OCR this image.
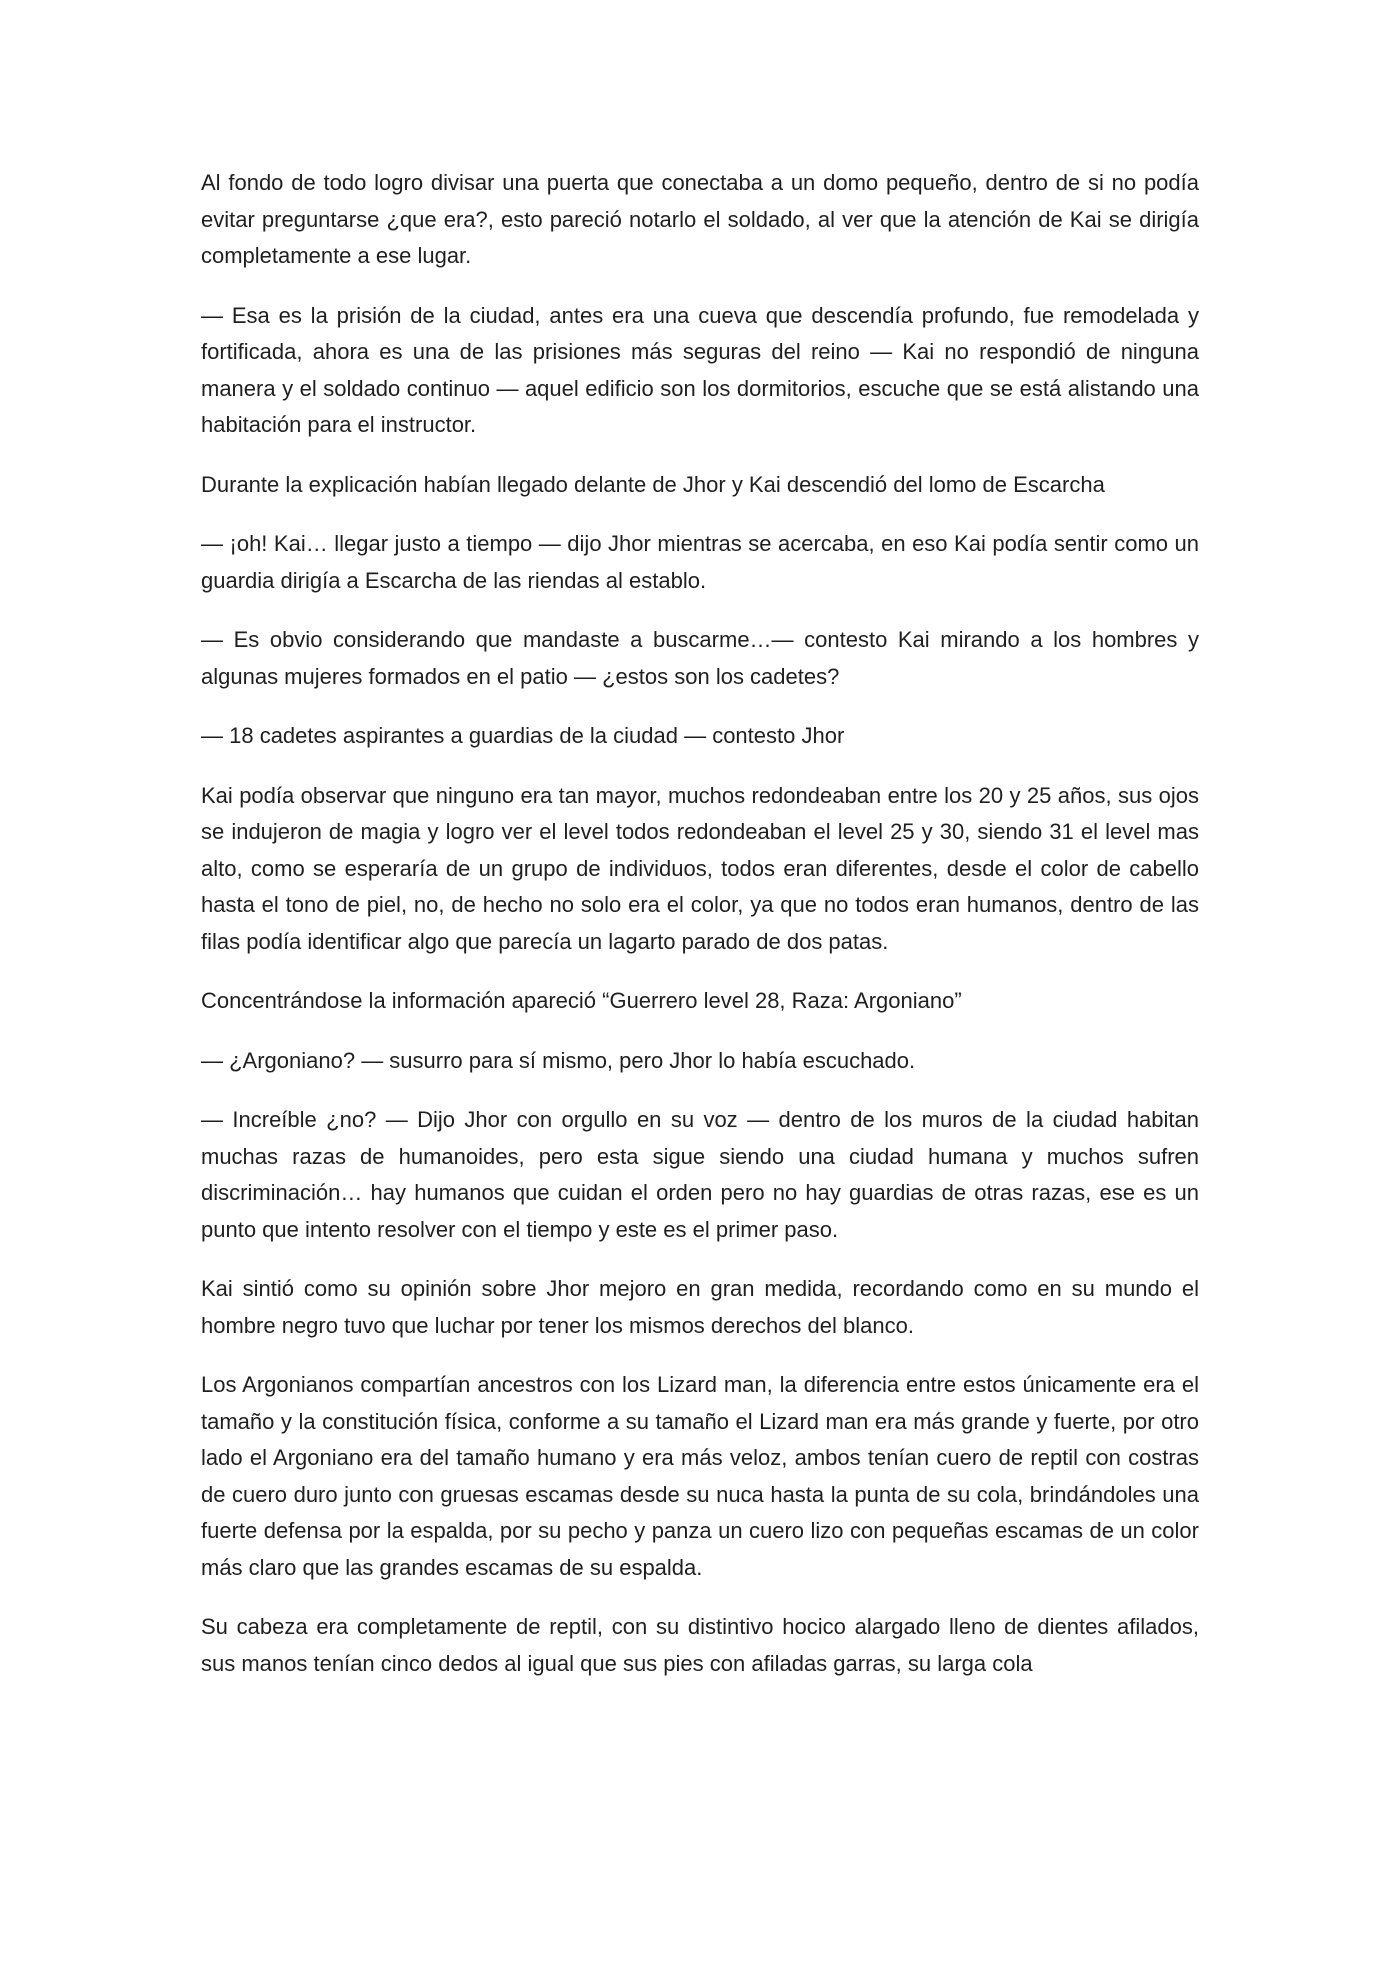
Al fondo de todo logro divisar una puerta que conectaba a un domo pequeño, dentro de si no podía evitar preguntarse ¿que era?, esto pareció notarlo el soldado, al ver que la atención de Kai se dirigía completamente a ese lugar.

— Esa es la prisión de la ciudad, antes era una cueva que descendía profundo, fue remodelada y fortificada, ahora es una de las prisiones más seguras del reino — Kai no respondió de ninguna manera y el soldado continuo — aquel edificio son los dormitorios, escuche que se está alistando una habitación para el instructor.

Durante la explicación habían llegado delante de Jhor y Kai descendió del lomo de Escarcha

— ¡oh! Kai… llegar justo a tiempo — dijo Jhor mientras se acercaba, en eso Kai podía sentir como un guardia dirigía a Escarcha de las riendas al establo.

— Es obvio considerando que mandaste a buscarme…— contesto Kai mirando a los hombres y algunas mujeres formados en el patio — ¿estos son los cadetes?

— 18 cadetes aspirantes a guardias de la ciudad — contesto Jhor

Kai podía observar que ninguno era tan mayor, muchos redondeaban entre los 20 y 25 años, sus ojos se indujeron de magia y logro ver el level todos redondeaban el level 25 y 30, siendo 31 el level mas alto, como se esperaría de un grupo de individuos, todos eran diferentes, desde el color de cabello hasta el tono de piel, no, de hecho no solo era el color, ya que no todos eran humanos, dentro de las filas podía identificar algo que parecía un lagarto parado de dos patas.

Concentrándose la información apareció “Guerrero level 28, Raza: Argoniano”

— ¿Argoniano? — susurro para sí mismo, pero Jhor lo había escuchado.

— Increíble ¿no? — Dijo Jhor con orgullo en su voz — dentro de los muros de la ciudad habitan muchas razas de humanoides, pero esta sigue siendo una ciudad humana y muchos sufren discriminación… hay humanos que cuidan el orden pero no hay guardias de otras razas, ese es un punto que intento resolver con el tiempo y este es el primer paso.

Kai sintió como su opinión sobre Jhor mejoro en gran medida, recordando como en su mundo el hombre negro tuvo que luchar por tener los mismos derechos del blanco.

Los Argonianos compartían ancestros con los Lizard man, la diferencia entre estos únicamente era el tamaño y la constitución física, conforme a su tamaño el Lizard man era más grande y fuerte, por otro lado el Argoniano era del tamaño humano y era más veloz, ambos tenían cuero de reptil con costras de cuero duro junto con gruesas escamas desde su nuca hasta la punta de su cola, brindándoles una fuerte defensa por la espalda, por su pecho y panza un cuero lizo con pequeñas escamas de un color más claro que las grandes escamas de su espalda.

Su cabeza era completamente de reptil, con su distintivo hocico alargado lleno de dientes afilados, sus manos tenían cinco dedos al igual que sus pies con afiladas garras, su larga cola
